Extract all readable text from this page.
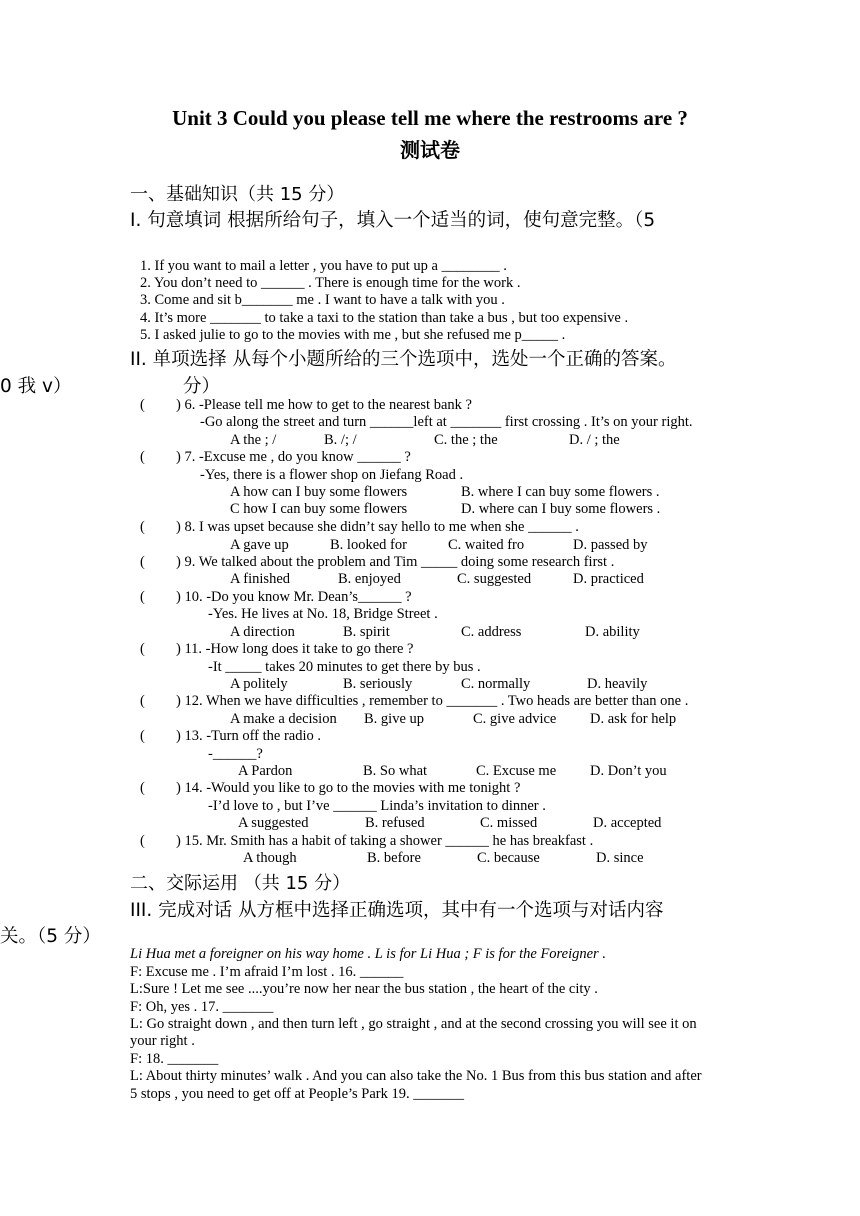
Unit 3 Could you please tell me where the restrooms are ?
测试卷
一、基础知识（共 15 分）
I. 句意填词 根据所给句子，填入一个适当的词，使句意完整。（5
1. If you want to mail a letter , you have to put up a ________ .
2. You don’t need to ______ . There is enough time for the work .
3. Come and sit b_______ me . I want to have a talk with you .
4. It’s more _______ to take a taxi to the station than take a bus , but too expensive .
5. I asked julie to go to the movies with me , but she refused me p_____ .
II. 单项选择 从每个小题所给的三个选项中，选处一个正确的答案。
0 我 v）	分）
( ) 6. -Please tell me how to get to the nearest bank ?
-Go along the street and turn ______left at _______ first crossing . It’s on your right.
A the ; /	B. /; /	C. the ; the	D. / ; the
( ) 7. -Excuse me , do you know ______ ?
-Yes, there is a flower shop on Jiefang Road .
A how can I buy some flowers	B. where I can buy some flowers .
C how I can buy some flowers	D. where can I buy some flowers .
( ) 8. I was upset because she didn’t say hello to me when she ______ .
A gave up	B. looked for	C. waited fro	D. passed by
( ) 9. We talked about the problem and Tim _____ doing some research first .
A finished	B. enjoyed	C. suggested	D. practiced
( ) 10. -Do you know Mr. Dean’s______ ?
-Yes. He lives at No. 18, Bridge Street .
A direction	B. spirit	C. address	D. ability
( ) 11. -How long does it take to go there ?
-It _____ takes 20 minutes to get there by bus .
A politely	B. seriously	C. normally	D. heavily
( ) 12. When we have difficulties , remember to _______ . Two heads are better than one .
A make a decision B. give up	C. give advice D. ask for help
( ) 13. -Turn off the radio .
-______?
A Pardon	B. So what	C. Excuse me D. Don’t you
( ) 14. -Would you like to go to the movies with me tonight ?
-I’d love to , but I’ve ______ Linda’s invitation to dinner .
A suggested	B. refused	C. missed	D. accepted
( ) 15. Mr. Smith has a habit of taking a shower ______ he has breakfast .
A though	B. before	C. because	D. since
二、交际运用 （共 15 分）
III. 完成对话 从方框中选择正确选项，其中有一个选项与对话内容
关。（5 分）
Li Hua met a foreigner on his way home . L is for Li Hua ; F is for the Foreigner .
F: Excuse me . I’m afraid I’m lost . 16. ______
L:Sure ! Let me see ....you’re now her near the bus station , the heart of the city .
F: Oh, yes . 17. _______
L: Go straight down , and then turn left , go straight , and at the second crossing you will see it on
your right .
F: 18. _______
L: About thirty minutes’ walk . And you can also take the No. 1 Bus from this bus station and after
5 stops , you need to get off at People’s Park 19. _______
